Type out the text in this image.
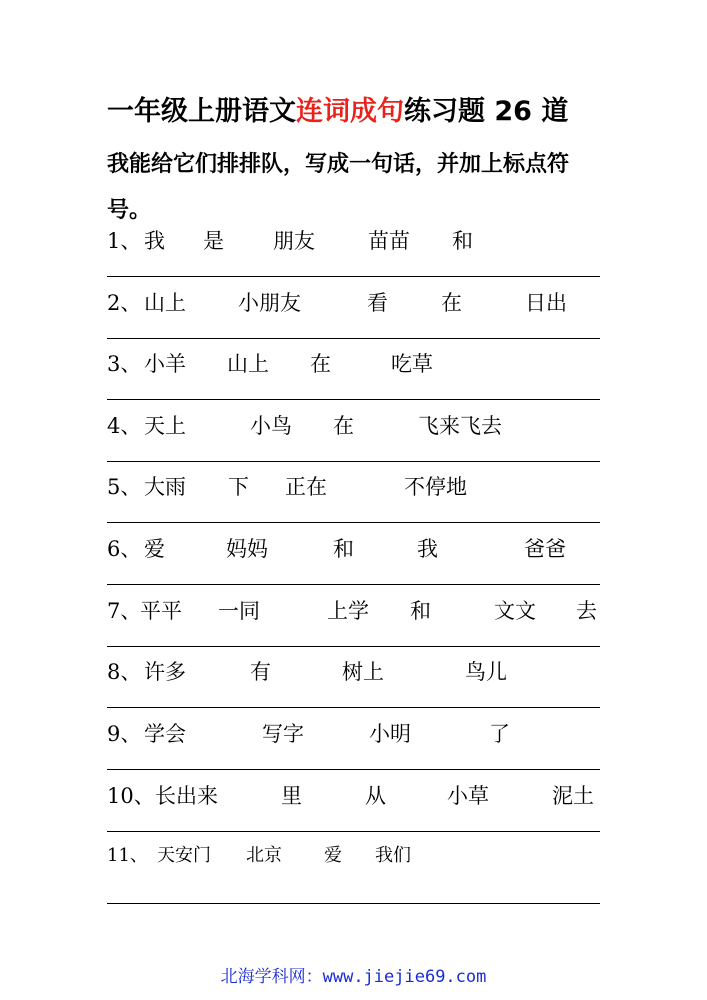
一年级上册语文连词成句练习题 26 道
我能给它们排排队，写成一句话，并加上标点符号。
1、 我 是 朋友	苗苗 和
2、 山上 小朋友	看	在	日出
3、 小羊 山上 在	吃草
4、 天上	小鸟 在	飞来飞去
5、 大雨 下 正在	不停地
6、 爱	妈妈	和	我	爸爸
7、
平平 一同	上学 和	文文 去
8、 许多	有	树上	鸟儿
9、 学会	写字	小明	了
10、 长出来	里	从	小草	泥土
11、 天安门 北京 爱 我们
北海学科网：www.jiejie69.com
